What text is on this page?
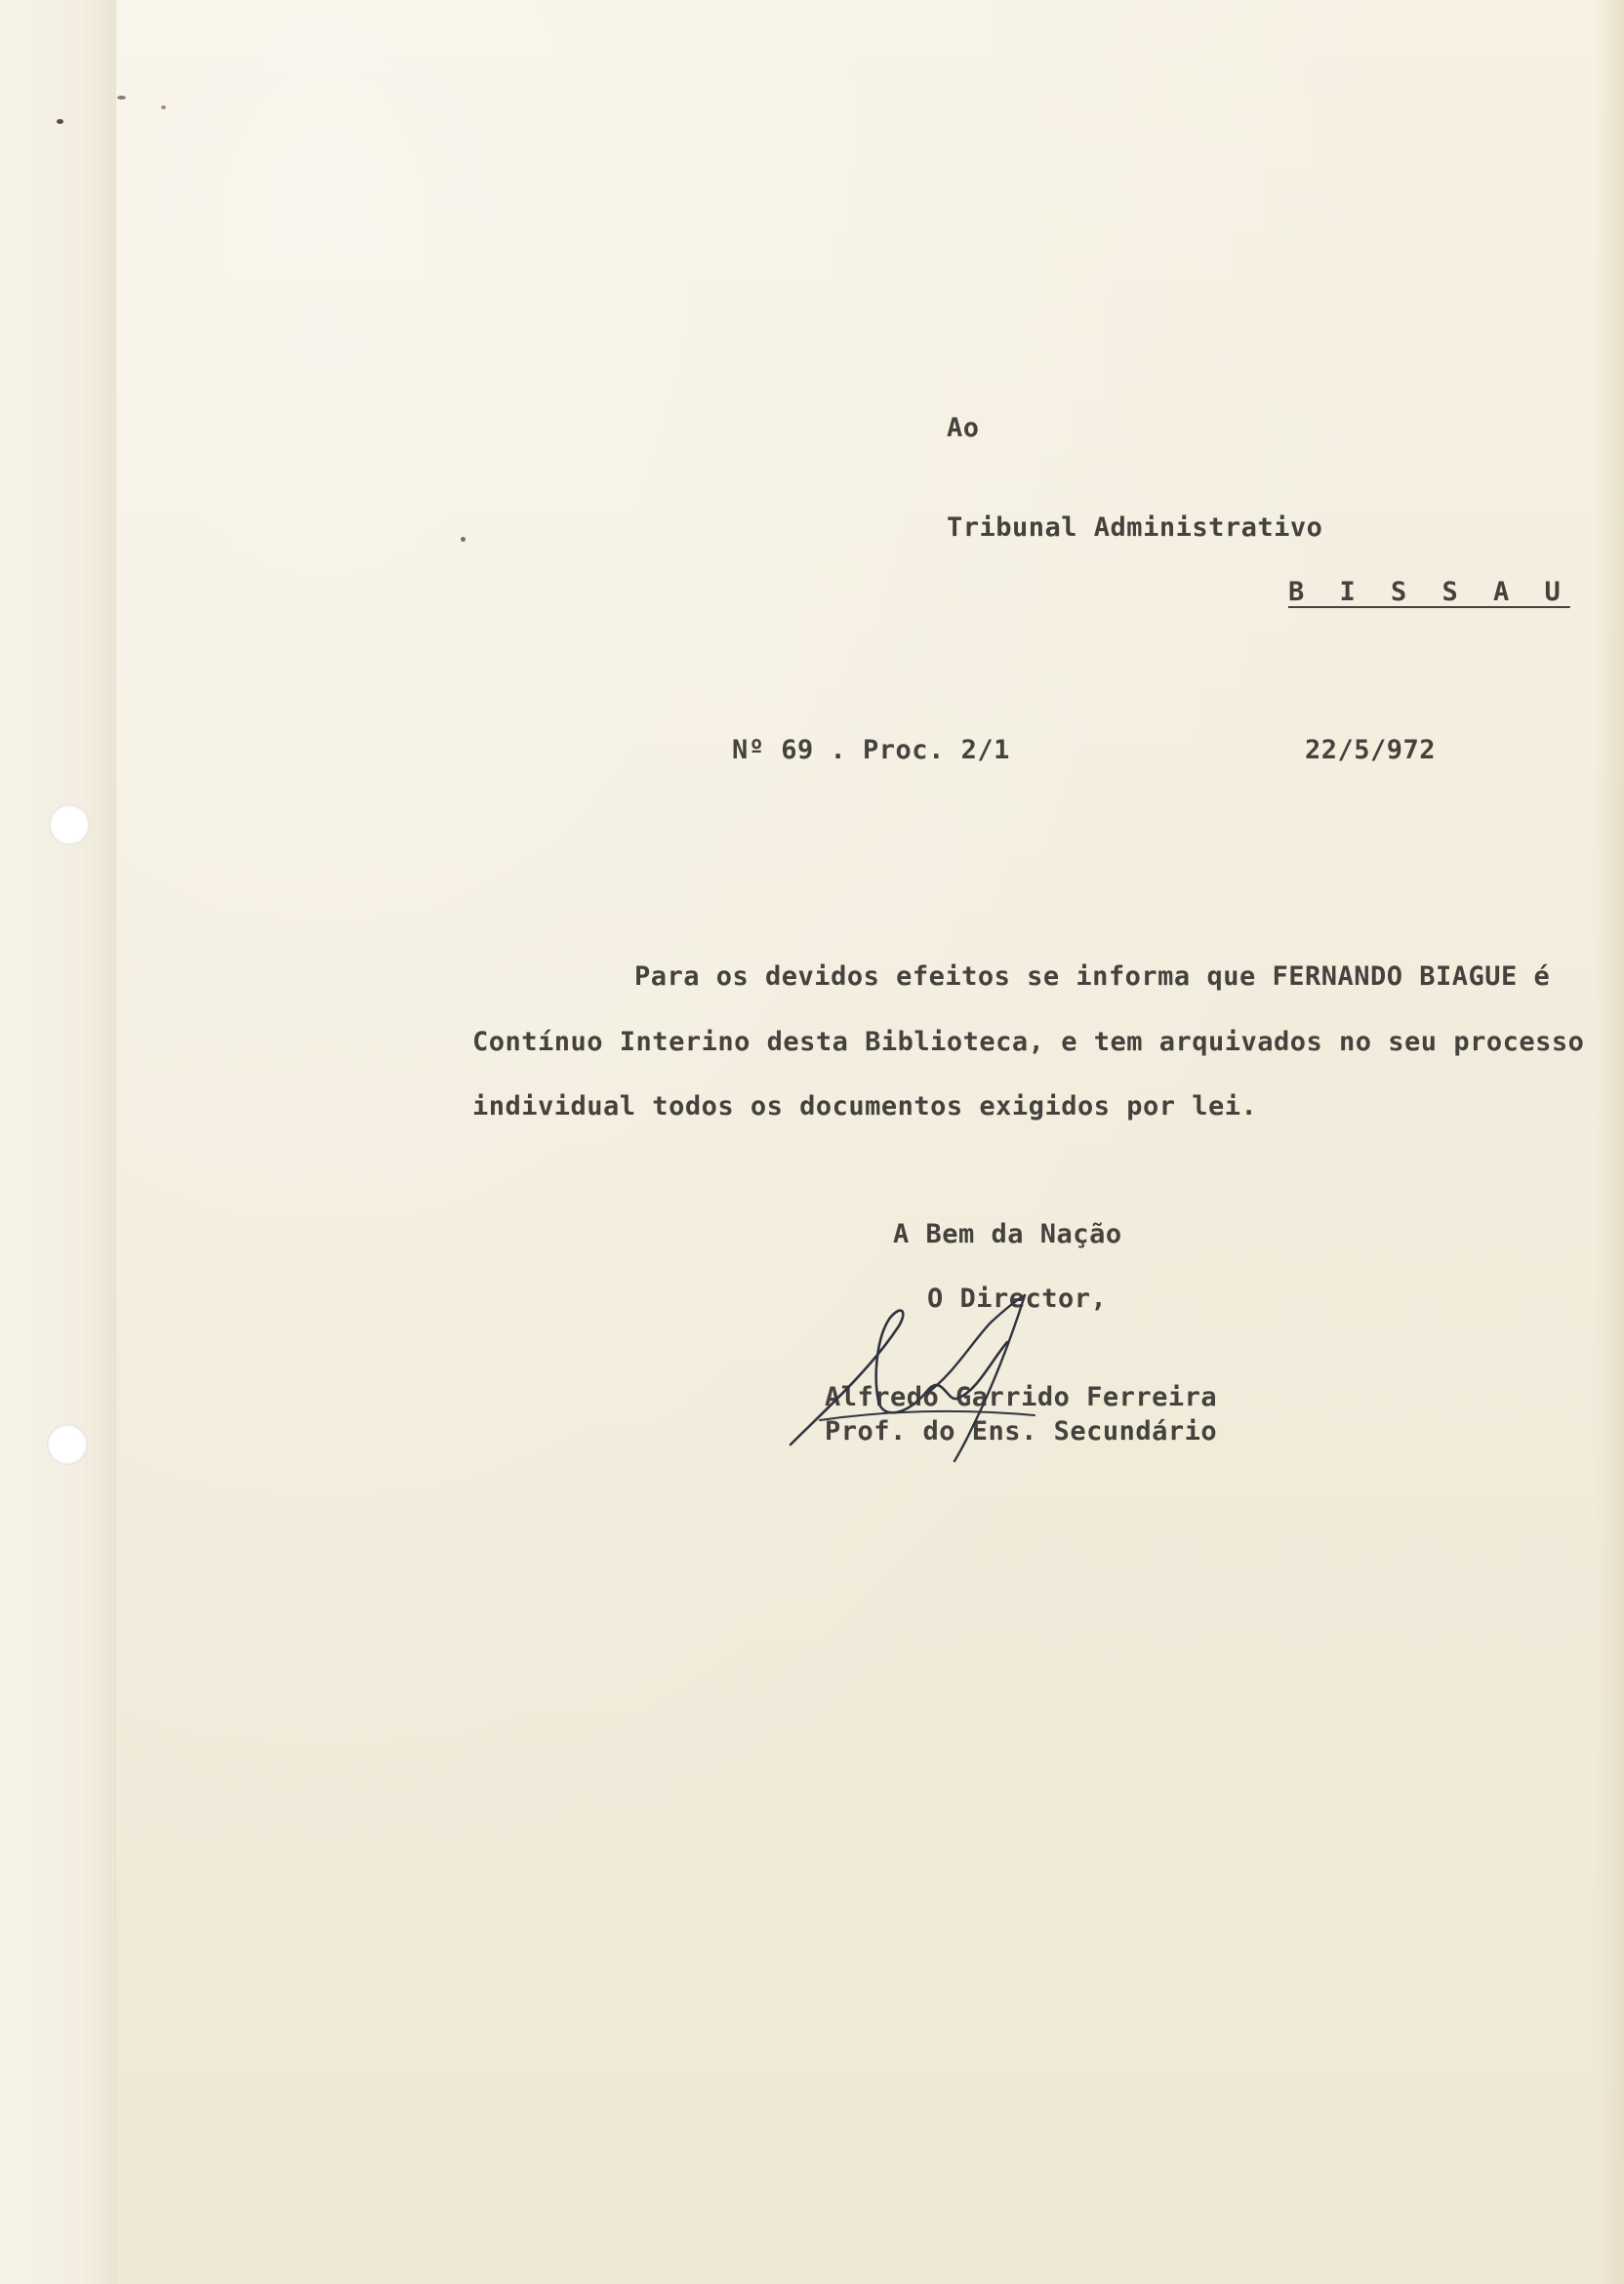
Ao
Tribunal Administrativo
B I S S A U
Nº 69 . Proc. 2/1	22/5/972
Para os devidos efeitos se informa que FERNANDO BIAGUE é
Contínuo Interino desta Biblioteca, e tem arquivados no seu processo
individual todos os documentos exigidos por lei.
A Bem da Nação
O Director,
Alfredo Garrido Ferreira
Prof. do Ens. Secundário
